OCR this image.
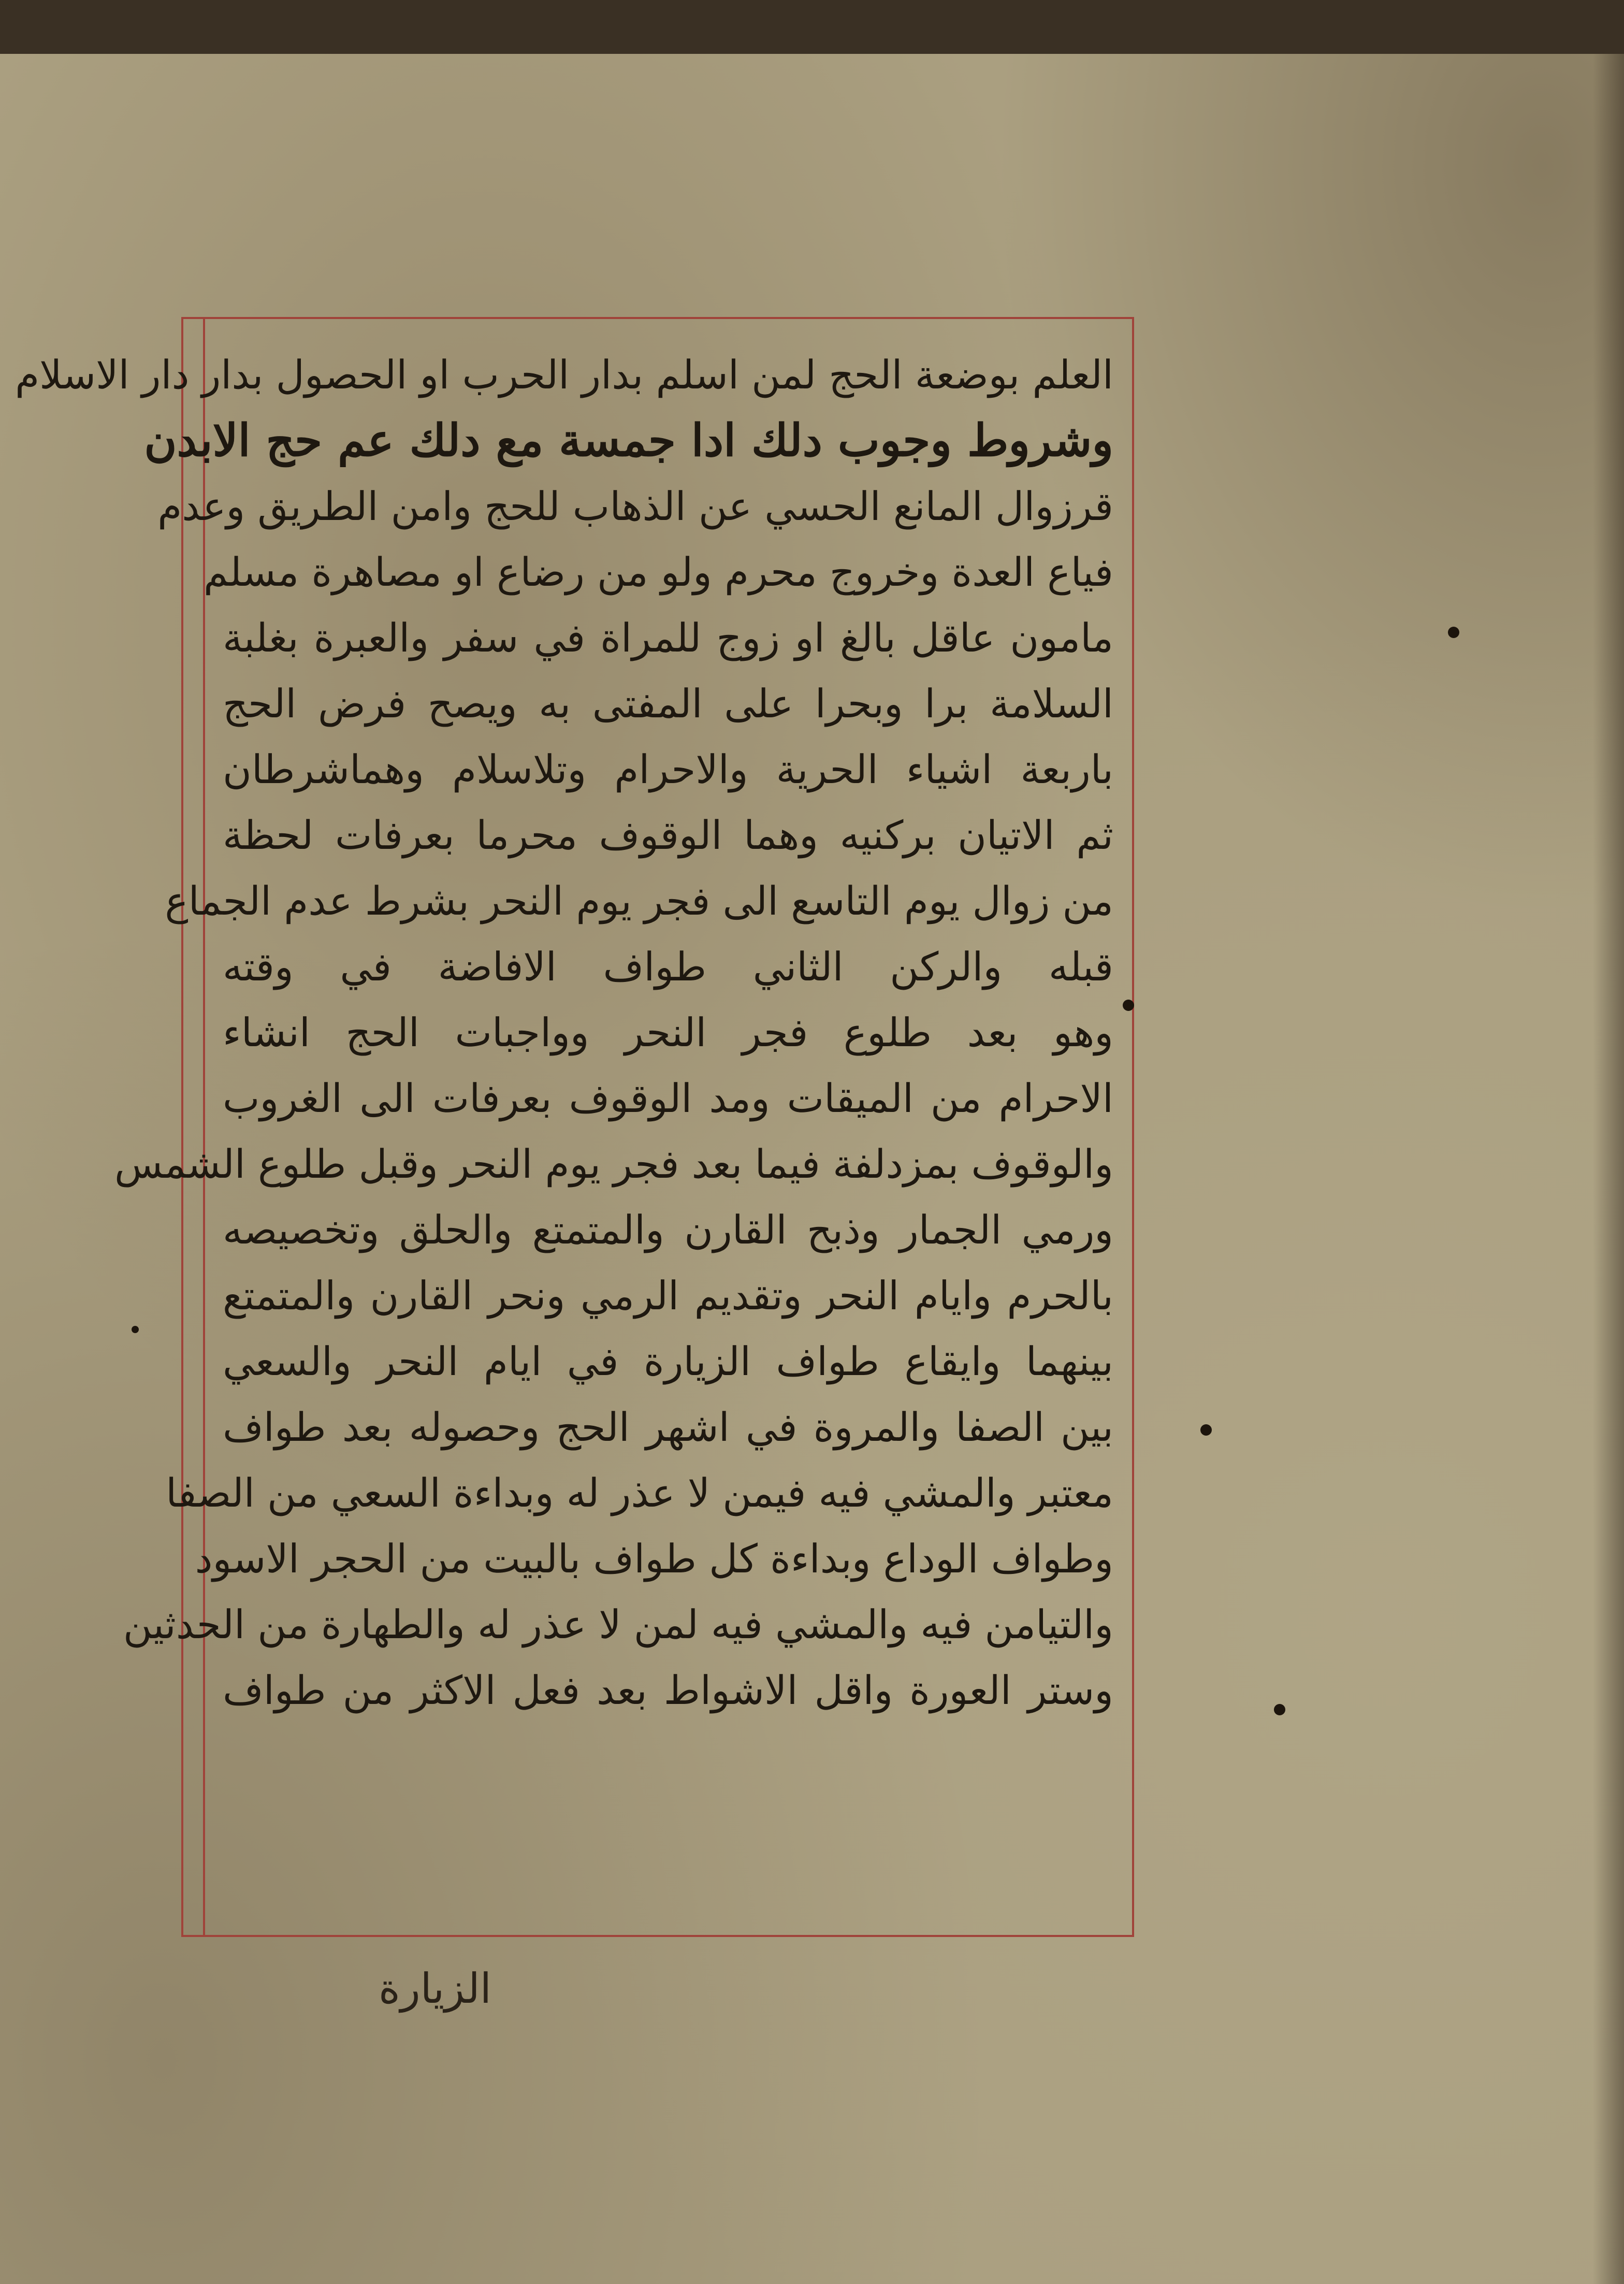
العلم بوضعة الحج لمن اسلم بدار الحرب او الحصول بدار دار الاسلام
وشروط وجوب دلك ادا جمسة مع دلك عم حج الابدن
قرزوال المانع الحسي عن الذهاب للحج وامن الطريق وعدم
فياع العدة وخروج محرم ولو من رضاع او مصاهرة مسلم
مامون عاقل بالغ او زوج للمراة في سفر والعبرة بغلبة
السلامة برا وبحرا على المفتى به ويصح فرض الحج
باربعة اشياء الحرية والاحرام وتلاسلام وهماشرطان
ثم الاتيان بركنيه وهما الوقوف محرما بعرفات لحظة
من زوال يوم التاسع الى فجر يوم النحر بشرط عدم الجماع
قبله والركن الثاني طواف الافاضة في وقته
وهو بعد طلوع فجر النحر وواجبات الحج انشاء
الاحرام من الميقات ومد الوقوف بعرفات الى الغروب
والوقوف بمزدلفة فيما بعد فجر يوم النحر وقبل طلوع الشمس
ورمي الجمار وذبح القارن والمتمتع والحلق وتخصيصه
بالحرم وايام النحر وتقديم الرمي ونحر القارن والمتمتع
بينهما وايقاع طواف الزيارة في ايام النحر والسعي
بين الصفا والمروة في اشهر الحج وحصوله بعد طواف
معتبر والمشي فيه فيمن لا عذر له وبداءة السعي من الصفا
وطواف الوداع وبداءة كل طواف بالبيت من الحجر الاسود
والتيامن فيه والمشي فيه لمن لا عذر له والطهارة من الحدثين
وستر العورة واقل الاشواط بعد فعل الاكثر من طواف
الزيارة
